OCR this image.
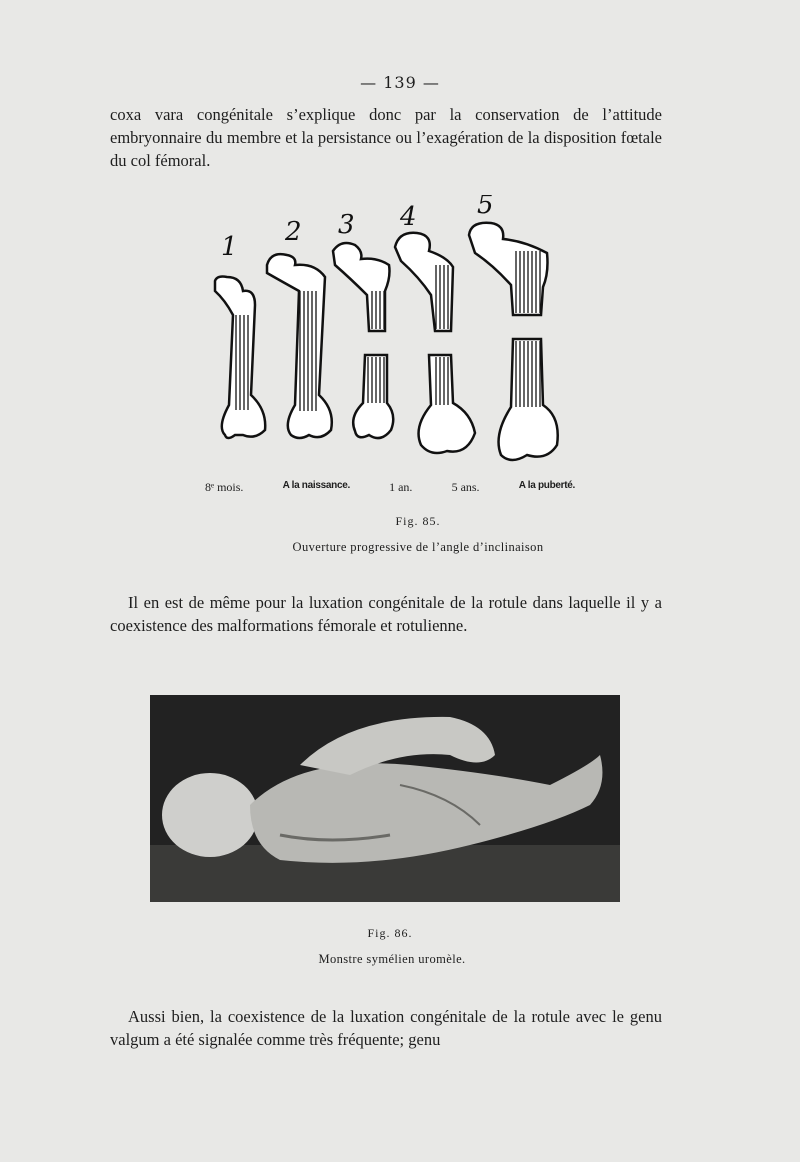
— 139 —
coxa vara congénitale s’explique donc par la conservation de l’attitude embryonnaire du membre et la persistance ou l’exagération de la disposition fœtale du col fémoral.
1 2 3 4 5
8ᵉ mois.	A la naissance.	1 an.	5 ans.	A la puberté.
Fig. 85.
Ouverture progressive de l’angle d’inclinaison
Il en est de même pour la luxation congénitale de la rotule dans laquelle il y a coexistence des malformations fémorale et rotulienne.
Fig. 86.
Monstre symélien uromèle.
Aussi bien, la coexistence de la luxation congénitale de la rotule avec le genu valgum a été signalée comme très fréquente; genu
